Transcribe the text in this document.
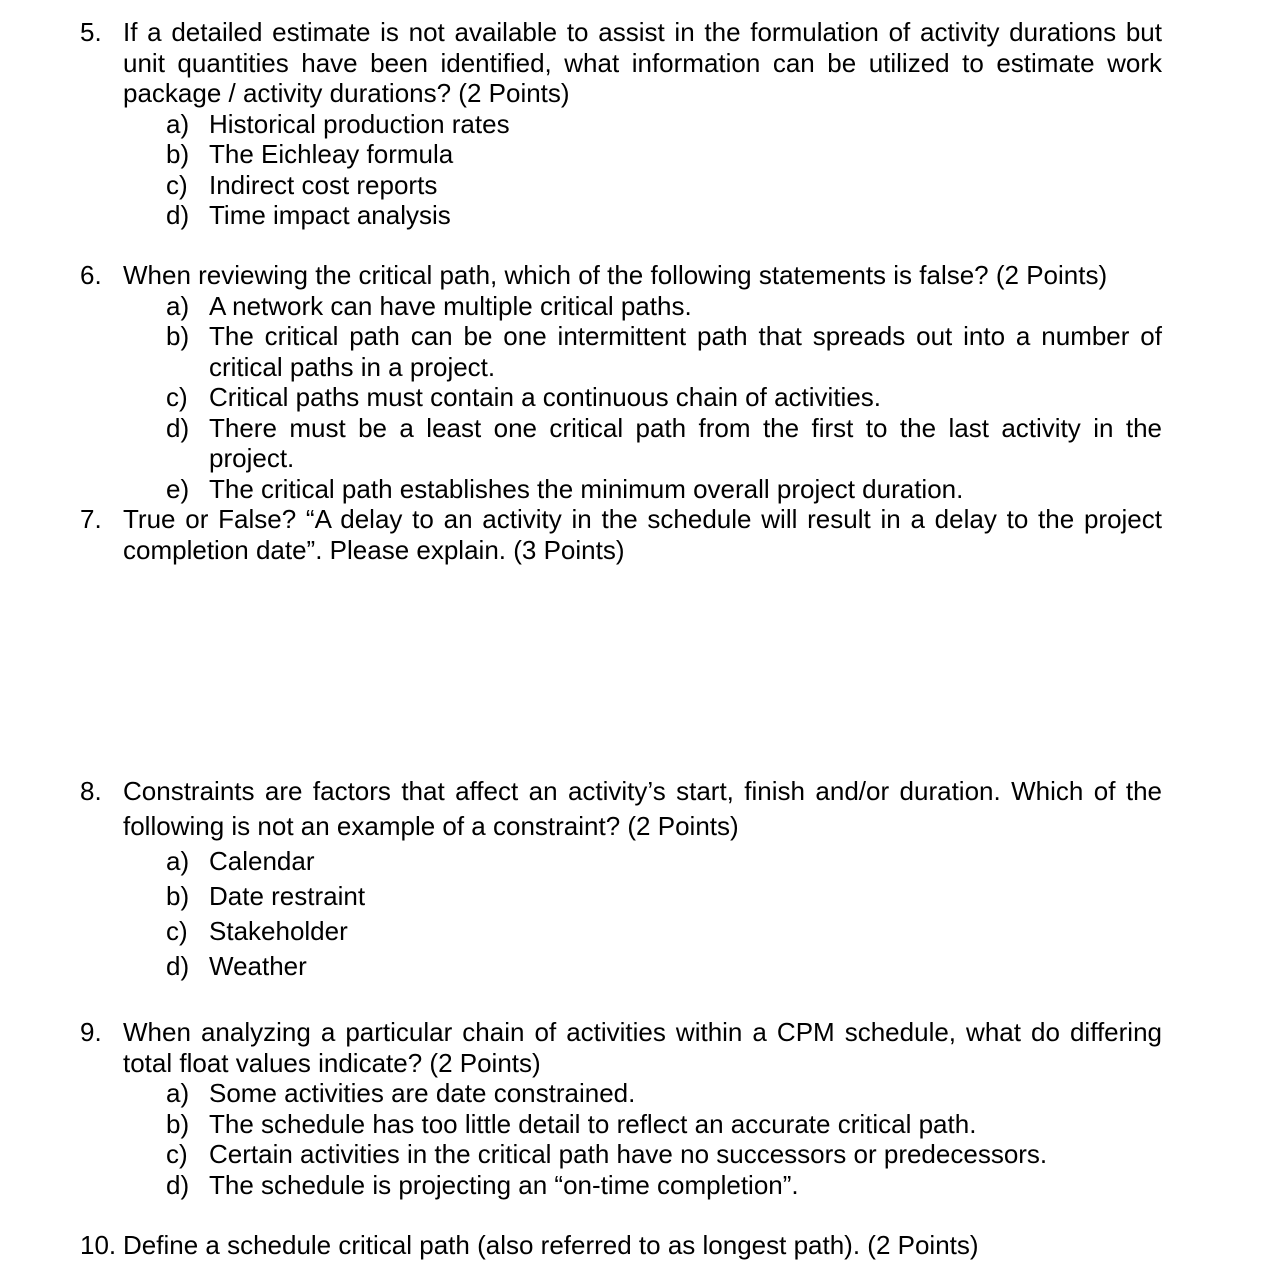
5. If a detailed estimate is not available to assist in the formulation of activity durations but unit quantities have been identified, what information can be utilized to estimate work package / activity durations? (2 Points)
a) Historical production rates
b) The Eichleay formula
c) Indirect cost reports
d) Time impact analysis
6. When reviewing the critical path, which of the following statements is false? (2 Points)
a) A network can have multiple critical paths.
b) The critical path can be one intermittent path that spreads out into a number of critical paths in a project.
c) Critical paths must contain a continuous chain of activities.
d) There must be a least one critical path from the first to the last activity in the project.
e) The critical path establishes the minimum overall project duration.
7. True or False? “A delay to an activity in the schedule will result in a delay to the project completion date”. Please explain. (3 Points)
8. Constraints are factors that affect an activity’s start, finish and/or duration. Which of the following is not an example of a constraint? (2 Points)
a) Calendar
b) Date restraint
c) Stakeholder
d) Weather
9. When analyzing a particular chain of activities within a CPM schedule, what do differing total float values indicate? (2 Points)
a) Some activities are date constrained.
b) The schedule has too little detail to reflect an accurate critical path.
c) Certain activities in the critical path have no successors or predecessors.
d) The schedule is projecting an “on-time completion”.
10. Define a schedule critical path (also referred to as longest path). (2 Points)
